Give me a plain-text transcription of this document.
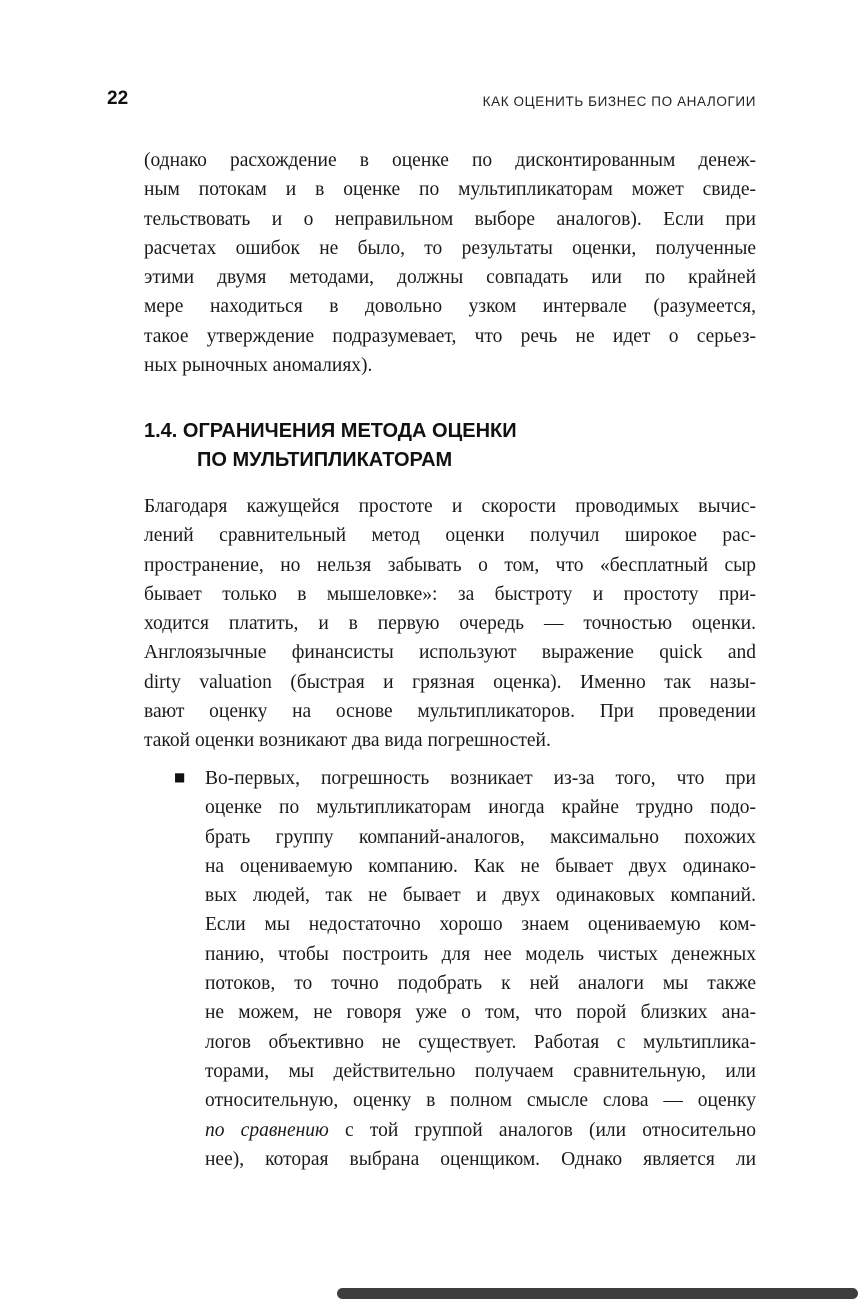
22	КАК ОЦЕНИТЬ БИЗНЕС ПО АНАЛОГИИ
(однако расхождение в оценке по дисконтированным денеж-
ным потокам и в оценке по мультипликаторам может свиде-
тельствовать и о неправильном выборе аналогов). Если при
расчетах ошибок не было, то результаты оценки, полученные
этими двумя методами, должны совпадать или по крайней
мере находиться в довольно узком интервале (разумеется,
такое утверждение подразумевает, что речь не идет о серьез-
ных рыночных аномалиях).
1.4. ОГРАНИЧЕНИЯ МЕТОДА ОЦЕНКИ
ПО МУЛЬТИПЛИКАТОРАМ
Благодаря кажущейся простоте и скорости проводимых вычис-
лений сравнительный метод оценки получил широкое рас-
пространение, но нельзя забывать о том, что «бесплатный сыр
бывает только в мышеловке»: за быстроту и простоту при-
ходится платить, и в первую очередь — точностью оценки.
Англоязычные финансисты используют выражение quick and
dirty valuation (быстрая и грязная оценка). Именно так назы-
вают оценку на основе мультипликаторов. При проведении
такой оценки возникают два вида погрешностей.
■ Во-первых, погрешность возникает из-за того, что при
оценке по мультипликаторам иногда крайне трудно подо-
брать группу компаний-аналогов, максимально похожих
на оцениваемую компанию. Как не бывает двух одинако-
вых людей, так не бывает и двух одинаковых компаний.
Если мы недостаточно хорошо знаем оцениваемую ком-
панию, чтобы построить для нее модель чистых денежных
потоков, то точно подобрать к ней аналоги мы также
не можем, не говоря уже о том, что порой близких ана-
логов объективно не существует. Работая с мультиплика-
торами, мы действительно получаем сравнительную, или
относительную, оценку в полном смысле слова — оценку
по сравнению с той группой аналогов (или относительно
нее), которая выбрана оценщиком. Однако является ли
